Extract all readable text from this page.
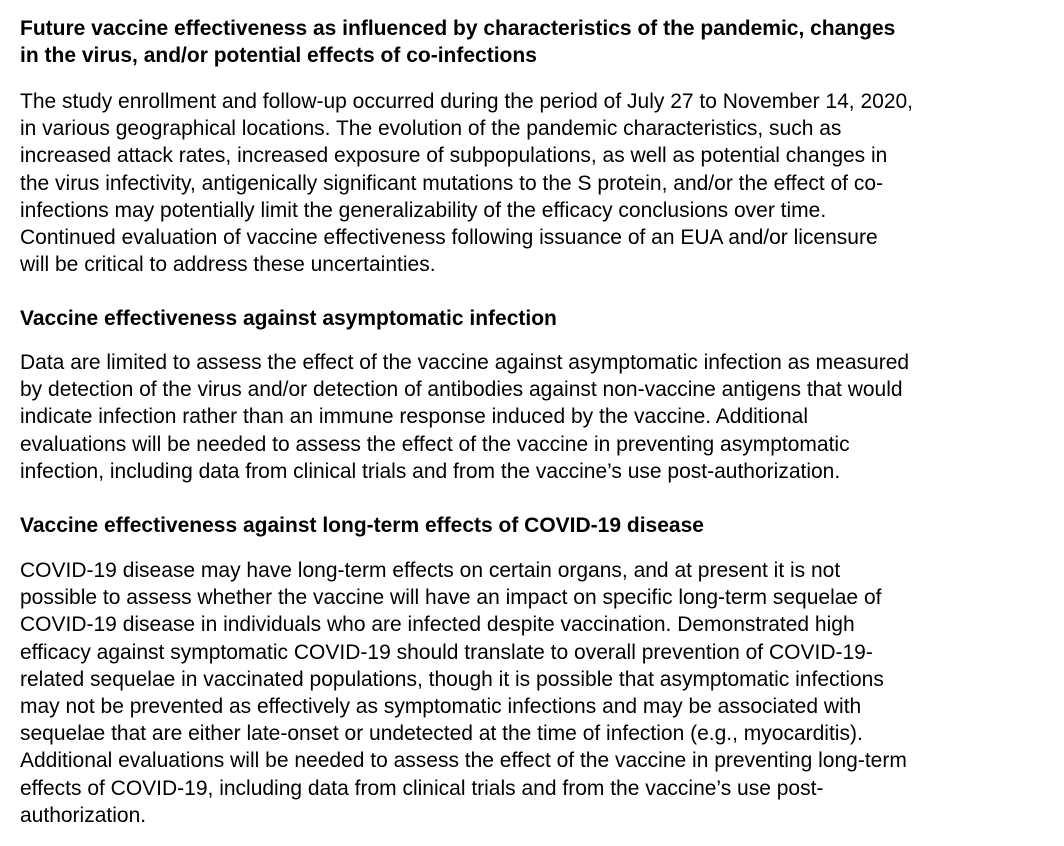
Future vaccine effectiveness as influenced by characteristics of the pandemic, changes
in the virus, and/or potential effects of co-infections
The study enrollment and follow-up occurred during the period of July 27 to November 14, 2020,
in various geographical locations. The evolution of the pandemic characteristics, such as
increased attack rates, increased exposure of subpopulations, as well as potential changes in
the virus infectivity, antigenically significant mutations to the S protein, and/or the effect of co-
infections may potentially limit the generalizability of the efficacy conclusions over time.
Continued evaluation of vaccine effectiveness following issuance of an EUA and/or licensure
will be critical to address these uncertainties.
Vaccine effectiveness against asymptomatic infection
Data are limited to assess the effect of the vaccine against asymptomatic infection as measured
by detection of the virus and/or detection of antibodies against non-vaccine antigens that would
indicate infection rather than an immune response induced by the vaccine. Additional
evaluations will be needed to assess the effect of the vaccine in preventing asymptomatic
infection, including data from clinical trials and from the vaccine’s use post-authorization.
Vaccine effectiveness against long-term effects of COVID-19 disease
COVID-19 disease may have long-term effects on certain organs, and at present it is not
possible to assess whether the vaccine will have an impact on specific long-term sequelae of
COVID-19 disease in individuals who are infected despite vaccination. Demonstrated high
efficacy against symptomatic COVID-19 should translate to overall prevention of COVID-19-
related sequelae in vaccinated populations, though it is possible that asymptomatic infections
may not be prevented as effectively as symptomatic infections and may be associated with
sequelae that are either late-onset or undetected at the time of infection (e.g., myocarditis).
Additional evaluations will be needed to assess the effect of the vaccine in preventing long-term
effects of COVID-19, including data from clinical trials and from the vaccine’s use post-
authorization.
